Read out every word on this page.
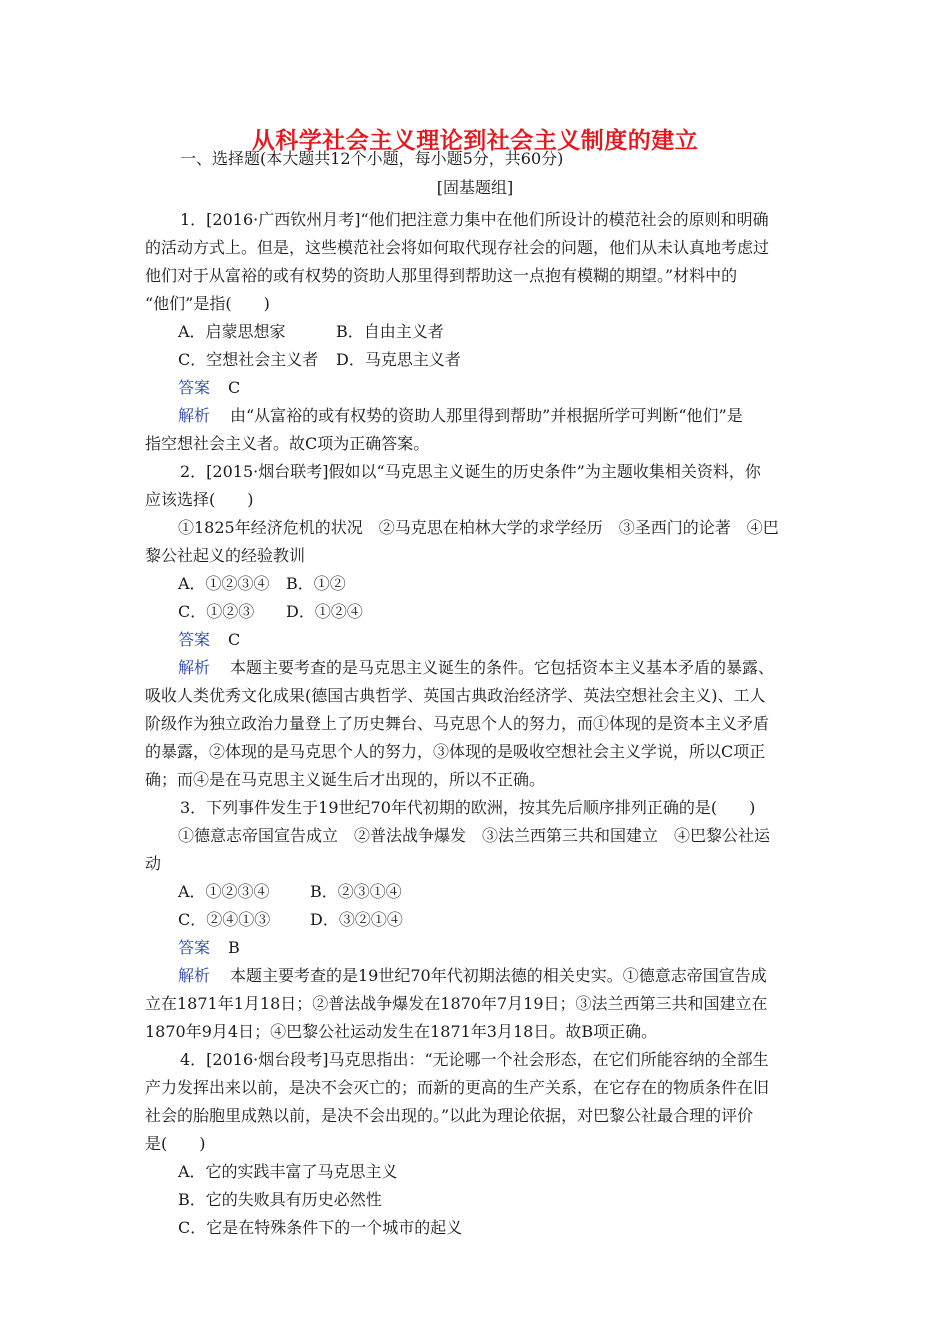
从科学社会主义理论到社会主义制度的建立
一、选择题(本大题共12个小题，每小题5分，共60分)
[固基题组]
1．[2016·广西钦州月考]“他们把注意力集中在他们所设计的模范社会的原则和明确
的活动方式上。但是，这些模范社会将如何取代现存社会的问题，他们从未认真地考虑过
他们对于从富裕的或有权势的资助人那里得到帮助这一点抱有模糊的期望。”材料中的
“他们”是指(　　)
A．启蒙思想家	B．自由主义者
C．空想社会主义者 D．马克思主义者
答案 C
解析 由“从富裕的或有权势的资助人那里得到帮助”并根据所学可判断“他们”是
指空想社会主义者。故C项为正确答案。
2．[2015·烟台联考]假如以“马克思主义诞生的历史条件”为主题收集相关资料，你
应该选择(　　)
①1825年经济危机的状况　②马克思在柏林大学的求学经历　③圣西门的论著　④巴
黎公社起义的经验教训
A．①②③④ B．①②
C．①②③ D．①②④
答案 C
解析 本题主要考查的是马克思主义诞生的条件。它包括资本主义基本矛盾的暴露、
吸收人类优秀文化成果(德国古典哲学、英国古典政治经济学、英法空想社会主义)、工人
阶级作为独立政治力量登上了历史舞台、马克思个人的努力，而①体现的是资本主义矛盾
的暴露，②体现的是马克思个人的努力，③体现的是吸收空想社会主义学说，所以C项正
确；而④是在马克思主义诞生后才出现的，所以不正确。
3．下列事件发生于19世纪70年代初期的欧洲，按其先后顺序排列正确的是(　　)
①德意志帝国宣告成立　②普法战争爆发　③法兰西第三共和国建立　④巴黎公社运
动
A．①②③④	B．②③①④
C．②④①③ D．③②①④
答案 B
解析 本题主要考查的是19世纪70年代初期法德的相关史实。①德意志帝国宣告成
立在1871年1月18日；②普法战争爆发在1870年7月19日；③法兰西第三共和国建立在
1870年9月4日；④巴黎公社运动发生在1871年3月18日。故B项正确。
4．[2016·烟台段考]马克思指出：“无论哪一个社会形态，在它们所能容纳的全部生
产力发挥出来以前，是决不会灭亡的；而新的更高的生产关系，在它存在的物质条件在旧
社会的胎胞里成熟以前，是决不会出现的。”以此为理论依据，对巴黎公社最合理的评价
是(　　)
A．它的实践丰富了马克思主义
B．它的失败具有历史必然性
C．它是在特殊条件下的一个城市的起义
